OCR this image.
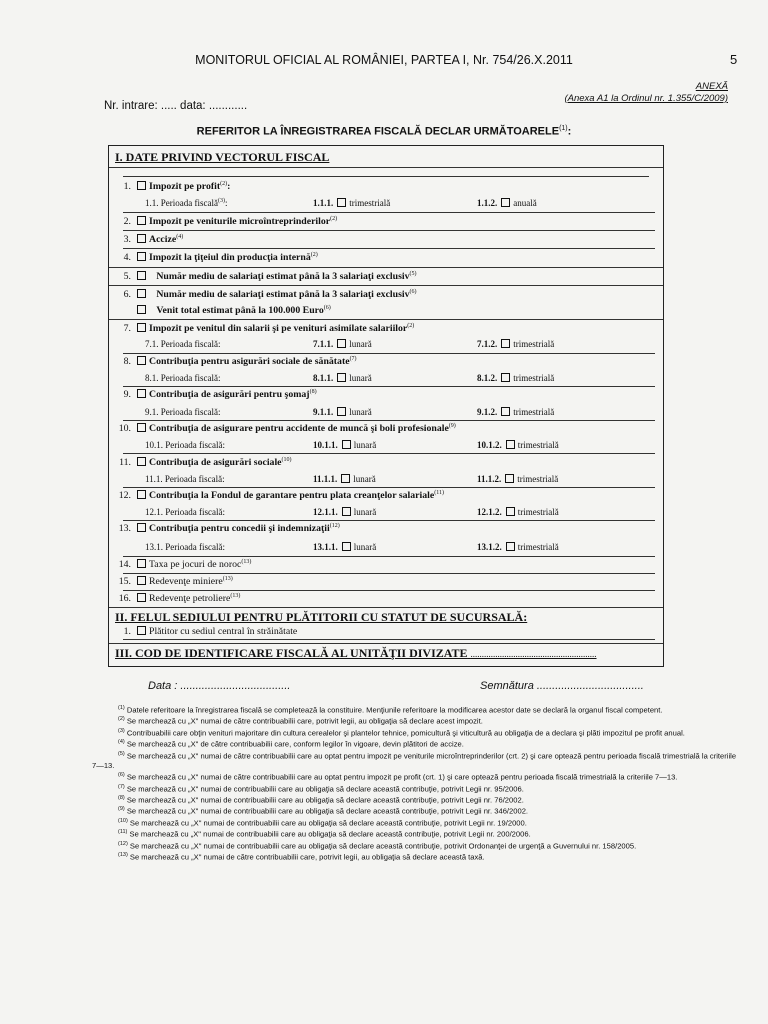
MONITORUL OFICIAL AL ROMÂNIEI, PARTEA I, Nr. 754/26.X.2011	5
ANEXĂ
(Anexa A1 la Ordinul nr. 1.355/C/2009)
Nr. intrare: ..... data: ............
REFERITOR LA ÎNREGISTRAREA FISCALĂ DECLAR URMĂTOARELE$^{(1)}$:
I. DATE PRIVIND VECTORUL FISCAL
1. Impozit pe profit$^{(2)}$:
1.1. Perioada fiscală$^{(3)}$:	1.1.1. trimestrială	1.1.2. anuală
2. Impozit pe veniturile microîntreprinderilor$^{(2)}$
3. Accize$^{(4)}$
4. Impozit la ţiţeiul din producţia internă$^{(2)}$
5.	Număr mediu de salariaţi estimat până la 3 salariaţi exclusiv$^{(5)}$
6.	Număr mediu de salariaţi estimat până la 3 salariaţi exclusiv$^{(6)}$
Venit total estimat până la 100.000 Euro$^{(6)}$
7. Impozit pe venitul din salarii şi pe venituri asimilate salariilor$^{(2)}$
7.1. Perioada fiscală:	7.1.1. lunară	7.1.2. trimestrială
8. Contribuţia pentru asigurări sociale de sănătate$^{(7)}$
8.1. Perioada fiscală:	8.1.1. lunară	8.1.2. trimestrială
9. Contribuţia de asigurări pentru şomaj$^{(8)}$
9.1. Perioada fiscală:	9.1.1. lunară	9.1.2. trimestrială
10. Contribuţia de asigurare pentru accidente de muncă şi boli profesionale$^{(9)}$
10.1. Perioada fiscală:	10.1.1. lunară	10.1.2. trimestrială
11. Contribuţia de asigurări sociale$^{(10)}$
11.1. Perioada fiscală:	11.1.1. lunară	11.1.2. trimestrială
12. Contribuţia la Fondul de garantare pentru plata creanţelor salariale$^{(11)}$
12.1. Perioada fiscală:	12.1.1. lunară	12.1.2. trimestrială
13. Contribuţia pentru concedii şi indemnizaţii$^{(12)}$
13.1. Perioada fiscală:	13.1.1. lunară	13.1.2. trimestrială
14. Taxa pe jocuri de noroc$^{(13)}$
15. Redevenţe miniere$^{(13)}$
16. Redevenţe petroliere$^{(13)}$
II. FELUL SEDIULUI PENTRU PLĂTITORII CU STATUT DE SUCURSALĂ:
1. Plătitor cu sediul central în străinătate
III. COD DE IDENTIFICARE FISCALĂ AL UNITĂŢII DIVIZATE ........................................................
Data : ....................................	Semnătura ...................................

$^{(1)}$ Datele referitoare la înregistrarea fiscală se completează la constituire. Menţiunile referitoare la modificarea acestor date se declară la organul fiscal competent.

$^{(2)}$ Se marchează cu „X" numai de către contribuabilii care, potrivit legii, au obligaţia să declare acest impozit.

$^{(3)}$ Contribuabilii care obţin venituri majoritare din cultura cerealelor şi plantelor tehnice, pomicultură şi viticultură au obligaţia de a declara şi plăti impozitul pe profit anual.

$^{(4)}$ Se marchează cu „X" de către contribuabilii care, conform legilor în vigoare, devin plătitori de accize.

$^{(5)}$ Se marchează cu „X" numai de către contribuabilii care au optat pentru impozit pe veniturile microîntreprinderilor (crt. 2) şi care optează pentru perioada fiscală trimestrială la criteriile 7—13.

$^{(6)}$ Se marchează cu „X" numai de către contribuabilii care au optat pentru impozit pe profit (crt. 1) şi care optează pentru perioada fiscală trimestrială la criteriile 7—13.

$^{(7)}$ Se marchează cu „X" numai de contribuabilii care au obligaţia să declare această contribuţie, potrivit Legii nr. 95/2006.

$^{(8)}$ Se marchează cu „X" numai de contribuabilii care au obligaţia să declare această contribuţie, potrivit Legii nr. 76/2002.

$^{(9)}$ Se marchează cu „X" numai de contribuabilii care au obligaţia să declare această contribuţie, potrivit Legii nr. 346/2002.

$^{(10)}$ Se marchează cu „X" numai de contribuabilii care au obligaţia să declare această contribuţie, potrivit Legii nr. 19/2000.

$^{(11)}$ Se marchează cu „X" numai de contribuabilii care au obligaţia să declare această contribuţie, potrivit Legii nr. 200/2006.

$^{(12)}$ Se marchează cu „X" numai de contribuabilii care au obligaţia să declare această contribuţie, potrivit Ordonanţei de urgenţă a Guvernului nr. 158/2005.

$^{(13)}$ Se marchează cu „X" numai de către contribuabilii care, potrivit legii, au obligaţia să declare această taxă.
